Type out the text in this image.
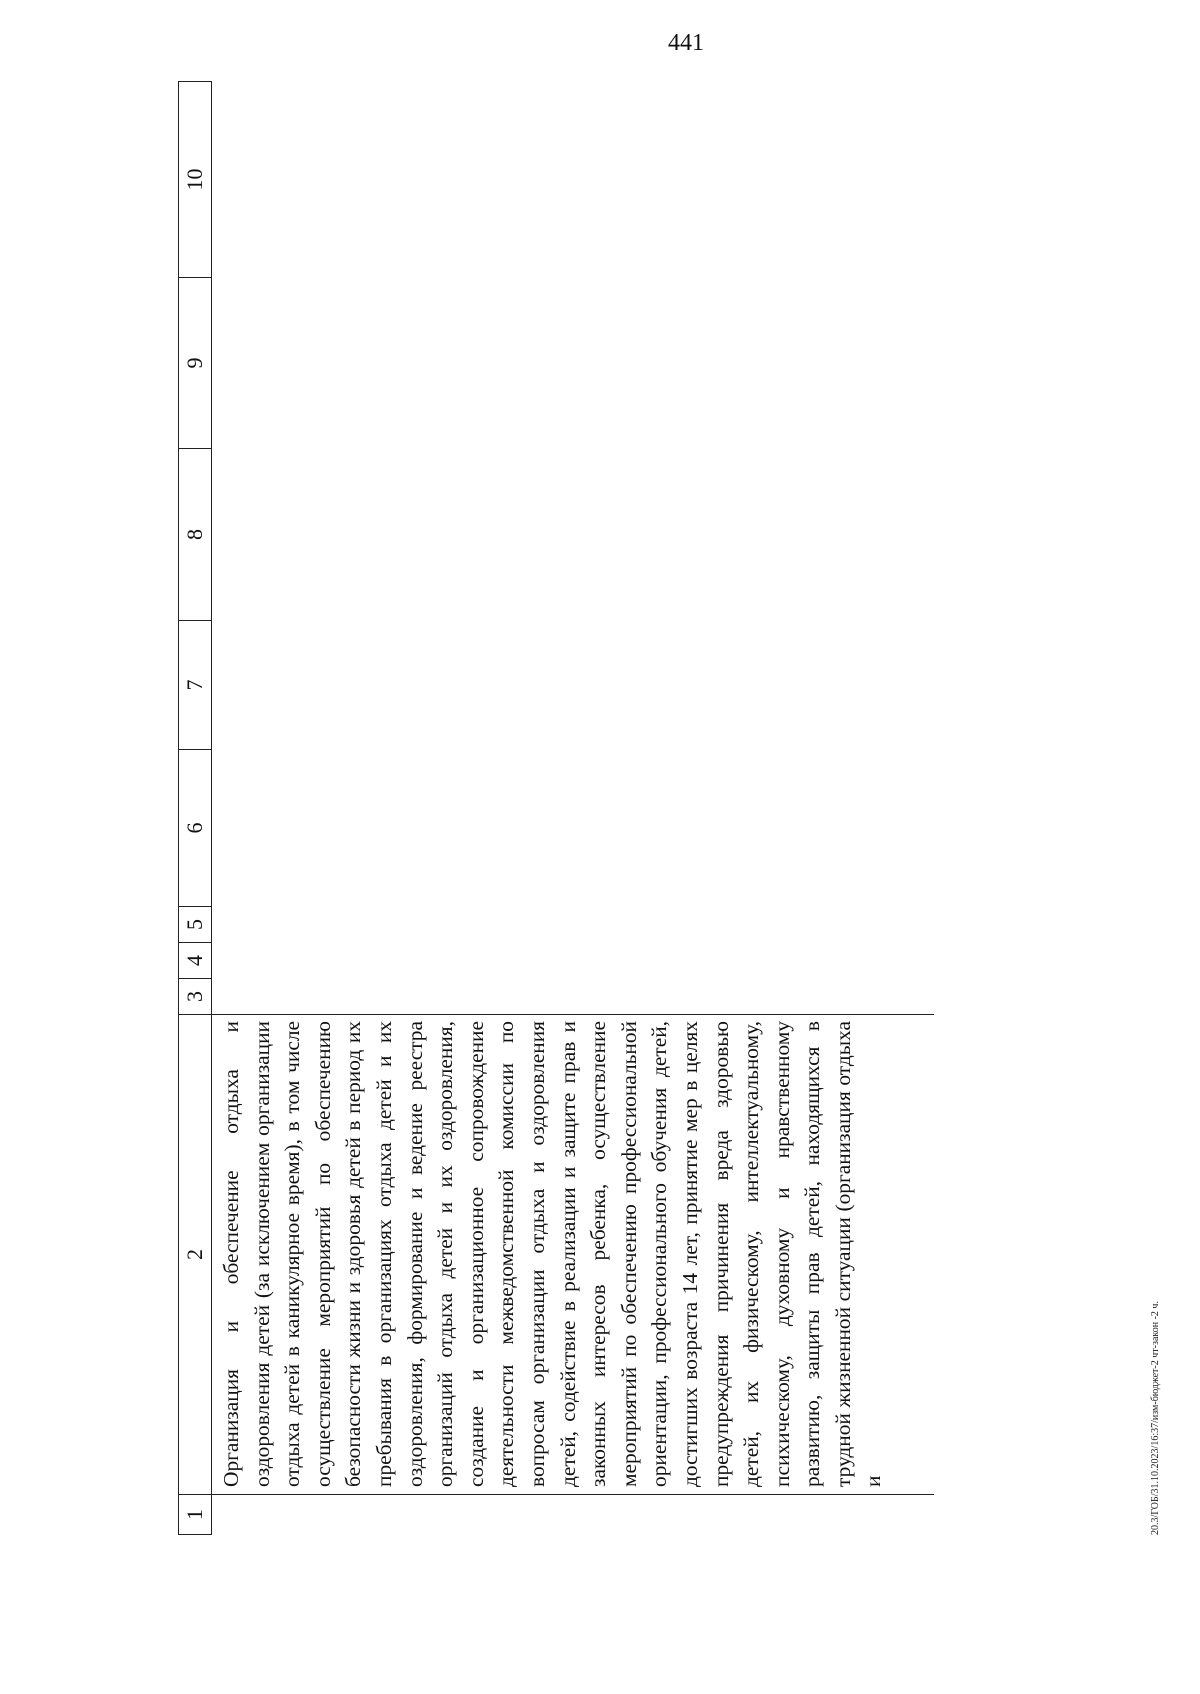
441
20.3/ГОБ/31.10.2023/16:37/изм-бюджет-2 чт-закон -2 ч.
1	2	3	4	5	6	7	8	9	10

	Организация и обеспечение отдыха и оздоровления детей (за исключением организации отдыха детей в каникулярное время), в том числе осуществление мероприятий по обеспечению безопасности жизни и здоровья детей в период их пребывания в организациях отдыха детей и их оздоровления, формирование и ведение реестра организаций отдыха детей и их оздоровления, создание и организационное сопровождение деятельности межведомственной комиссии по вопросам организации отдыха и оздоровления детей, содействие в реализации и защите прав и законных интересов ребенка, осуществление мероприятий по обеспечению профессиональной ориентации, профессионального обучения детей, достигших возраста 14 лет, принятие мер в целях предупреждения причинения вреда здоровью детей, их физическому, интеллектуальному, психическому, духовному и нравственному развитию, защиты прав детей, находящихся в трудной жизненной ситуации (организация отдыха и								
